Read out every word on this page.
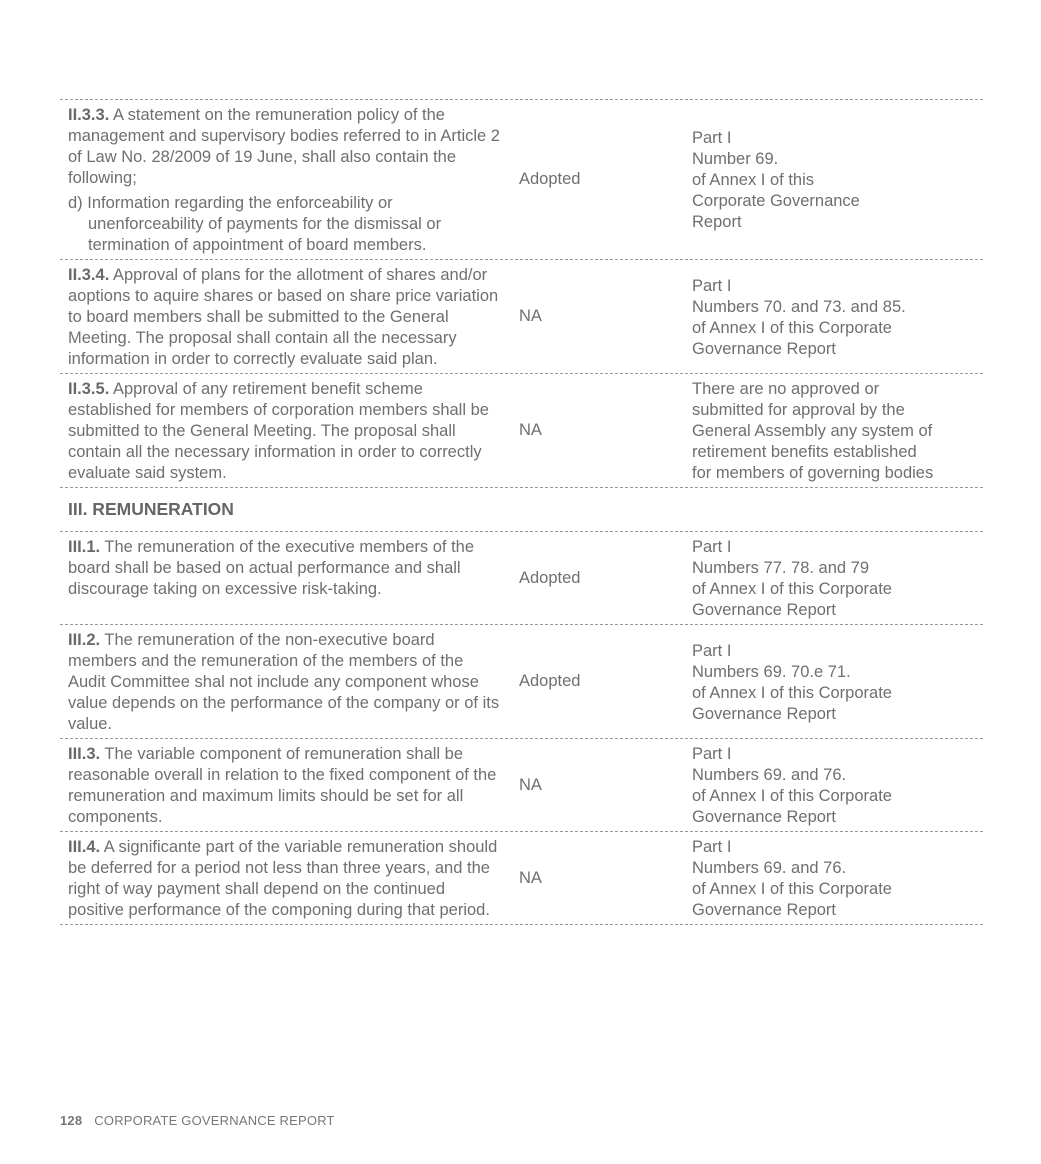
II.3.3. A statement on the remuneration policy of the management and supervisory bodies referred to in Article 2 of Law No. 28/2009 of 19 June, shall also contain the following;
d) Information regarding the enforceability or unenforceability of payments for the dismissal or termination of appointment of board members.
Adopted
Part I
Number 69.
of Annex I of this
Corporate Governance
Report
II.3.4. Approval of plans for the allotment of shares and/or aoptions to aquire shares or based on share price variation to board members shall be submitted to the General Meeting. The proposal shall contain all the necessary information in order to correctly evaluate said plan.
NA
Part I
Numbers 70. and 73. and 85.
of Annex I of this Corporate
Governance Report
II.3.5. Approval of any retirement benefit scheme established for members of corporation members shall be submitted to the General Meeting. The proposal shall contain all the necessary information in order to correctly evaluate said system.
NA
There are no approved or
submitted for approval by the
General Assembly any system of
retirement benefits established
for members of governing bodies
III. REMUNERATION
III.1. The remuneration of the executive members of the board shall be based on actual performance and shall discourage taking on excessive risk-taking.
Adopted
Part I
Numbers 77. 78. and 79
of Annex I of this Corporate
Governance Report
III.2. The remuneration of the non-executive board members and the remuneration of the members of the Audit Committee shal not include any component whose value depends on the performance of the company or of its value.
Adopted
Part I
Numbers 69. 70.e 71.
of Annex I of this Corporate
Governance Report
III.3. The variable component of remuneration shall be reasonable overall in relation to the fixed component of the remuneration and maximum limits should be set for all components.
NA
Part I
Numbers 69. and 76.
of Annex I of this Corporate
Governance Report
III.4. A significante part of the variable remuneration should be deferred for a period not less than three years, and the right of way payment shall depend on the continued positive performance of the componing during that period.
NA
Part I
Numbers 69. and 76.
of Annex I of this Corporate
Governance Report
128 CORPORATE GOVERNANCE REPORT
